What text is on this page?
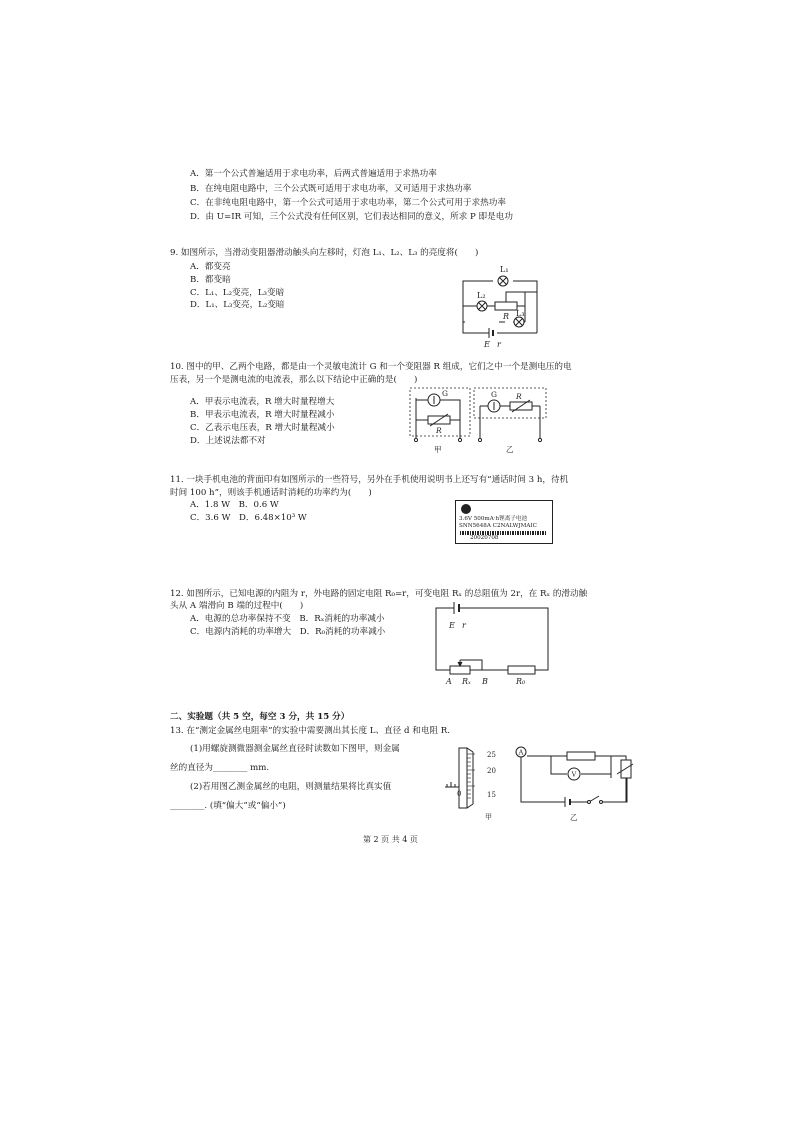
A．第一个公式普遍适用于求电功率，后两式普遍适用于求热功率
B．在纯电阻电路中，三个公式既可适用于求电功率，又可适用于求热功率
C．在非纯电阻电路中，第一个公式可适用于求电功率，第二个公式可用于求热功率
D．由 U=IR 可知，三个公式没有任何区别，它们表达相同的意义，所求 P 即是电功
9. 如图所示，当滑动变阻器滑动触头向左移时，灯泡 L₁、L₂、L₃ 的亮度将(　　)
A．都变亮
B．都变暗
C．L₁、L₂变亮，L₃变暗
D．L₁、L₃变亮，L₂变暗
L₁
L₂
L₃
R
E r
10. 图中的甲、乙两个电路，都是由一个灵敏电流计 G 和一个变阻器 R 组成，它们之中一个是测电压的电
压表，另一个是测电流的电流表，那么以下结论中正确的是(　　)
A．甲表示电流表，R 增大时量程增大
B．甲表示电流表，R 增大时量程减小
C．乙表示电压表，R 增大时量程减小
D．上述说法都不对
G
R
G	R
甲	乙
11. 一块手机电池的背面印有如图所示的一些符号，另外在手机使用说明书上还写有“通话时间 3 h，待机
时间 100 h”，则该手机通话时消耗的功率约为(　　)
A．1.8 W　B．0.6 W
C．3.6 W　D．6.48×10³ W	3.6V 500mA·h锂离子电池
SNN5648A C2NALWJMAIC
20020708
12. 如图所示，已知电源的内阻为 r，外电路的固定电阻 R₀=r，可变电阻 Rₓ 的总阻值为 2r，在 Rₓ 的滑动触
头从 A 端滑向 B 端的过程中(　　)
A．电源的总功率保持不变　B．Rₓ消耗的功率减小
C．电源内消耗的功率增大　D．R₀消耗的功率减小
E r
A Rₓ B	R₀
二、实验题（共 5 空，每空 3 分，共 15 分）
13. 在“测定金属丝电阻率”的实验中需要测出其长度 L、直径 d 和电阻 R.
(1)用螺旋测微器测金属丝直径时读数如下图甲，则金属
丝的直径为________ mm.
(2)若用图乙测金属丝的电阻，则测量结果将比真实值
________. (填“偏大”或“偏小”)
25
20
15
0
甲
A
V
乙
第 2 页 共 4 页
